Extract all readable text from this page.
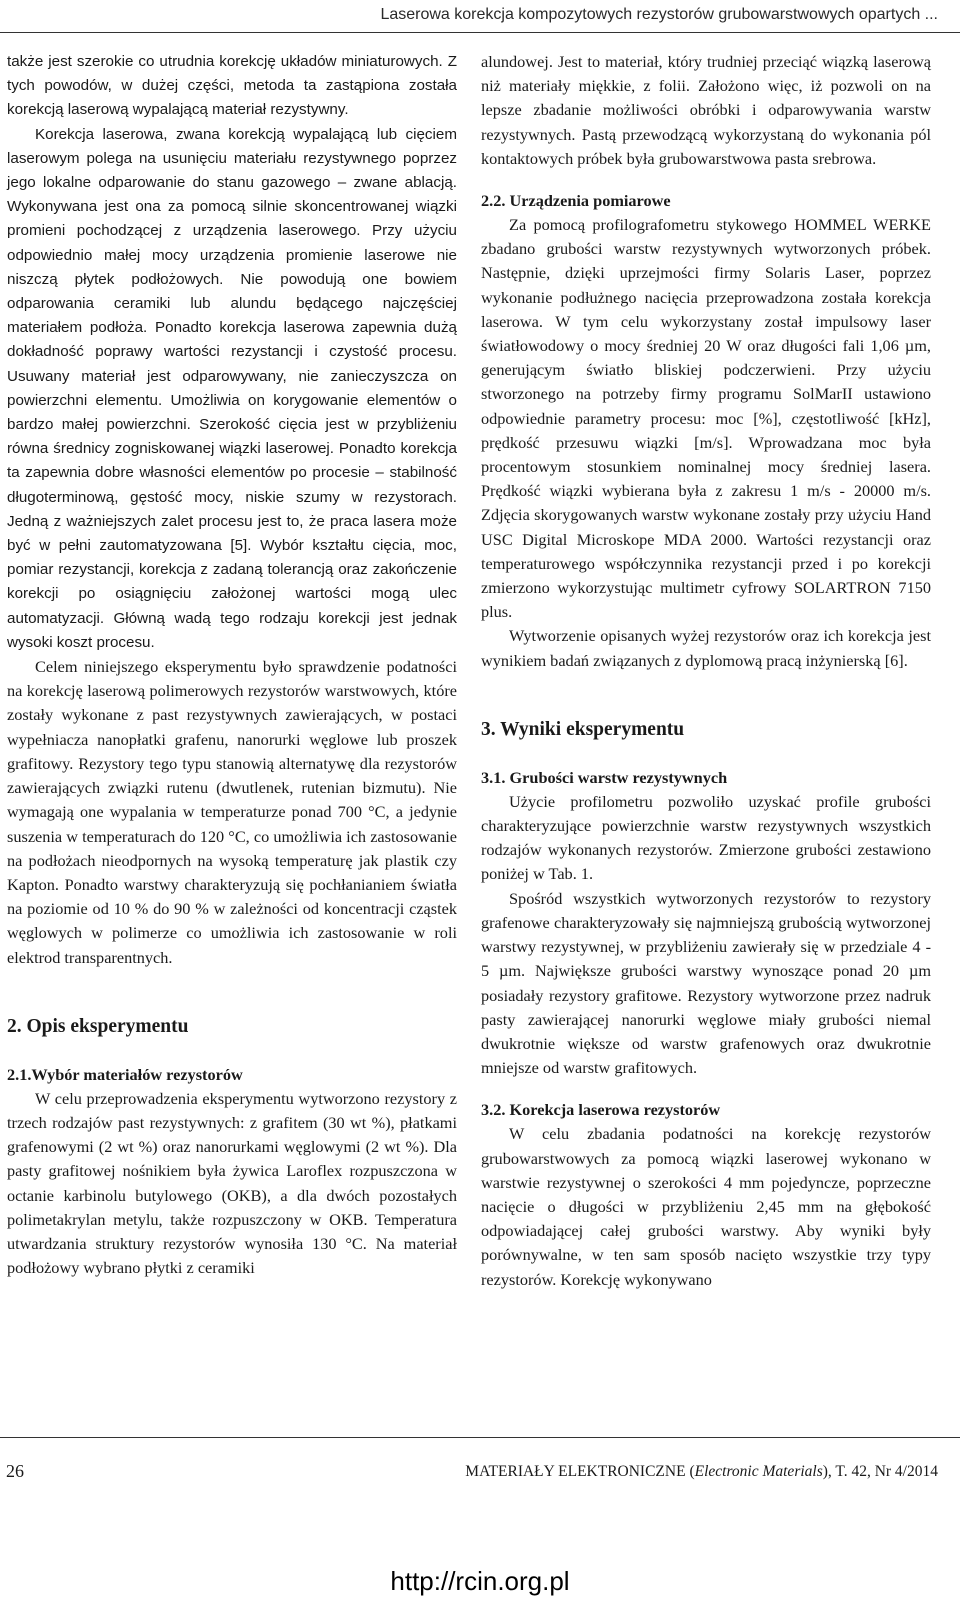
Laserowa korekcja kompozytowych rezystorów grubowarstwowych opartych ...

także jest szerokie co utrudnia korekcję układów miniaturowych. Z tych powodów, w dużej części, metoda ta zastąpiona została korekcją laserową wypalającą materiał rezystywny.

Korekcja laserowa, zwana korekcją wypalającą lub cięciem laserowym polega na usunięciu materiału rezystywnego poprzez jego lokalne odparowanie do stanu gazowego – zwane ablacją. Wykonywana jest ona za pomocą silnie skoncentrowanej wiązki promieni pochodzącej z urządzenia laserowego. Przy użyciu odpowiednio małej mocy urządzenia promienie laserowe nie niszczą płytek podłożowych. Nie powodują one bowiem odparowania ceramiki lub alundu będącego najczęściej materiałem podłoża. Ponadto korekcja laserowa zapewnia dużą dokładność poprawy wartości rezystancji i czystość procesu. Usuwany materiał jest odparowywany, nie zanieczyszcza on powierzchni elementu. Umożliwia on korygowanie elementów o bardzo małej powierzchni. Szerokość cięcia jest w przybliżeniu równa średnicy zogniskowanej wiązki laserowej. Ponadto korekcja ta zapewnia dobre własności elementów po procesie – stabilność długoterminową, gęstość mocy, niskie szumy w rezystorach. Jedną z ważniejszych zalet procesu jest to, że praca lasera może być w pełni zautomatyzowana [5]. Wybór kształtu cięcia, moc, pomiar rezystancji, korekcja z zadaną tolerancją oraz zakończenie korekcji po osiągnięciu założonej wartości mogą ulec automatyzacji. Główną wadą tego rodzaju korekcji jest jednak wysoki koszt procesu.

Celem niniejszego eksperymentu było sprawdzenie podatności na korekcję laserową polimerowych rezystorów warstwowych, które zostały wykonane z past rezystywnych zawierających, w postaci wypełniacza nanopłatki grafenu, nanorurki węglowe lub proszek grafitowy. Rezystory tego typu stanowią alternatywę dla rezystorów zawierających związki rutenu (dwutlenek, rutenian bizmutu). Nie wymagają one wypalania w temperaturze ponad 700 °C, a jedynie suszenia w temperaturach do 120 °C, co umożliwia ich zastosowanie na podłożach nieodpornych na wysoką temperaturę jak plastik czy Kapton. Ponadto warstwy charakteryzują się pochłanianiem światła na poziomie od 10 % do 90 % w zależności od koncentracji cząstek węglowych w polimerze co umożliwia ich zastosowanie w roli elektrod transparentnych.

2. Opis eksperymentu
2.1.Wybór materiałów rezystorów

W celu przeprowadzenia eksperymentu wytworzono rezystory z trzech rodzajów past rezystywnych: z grafitem (30 wt %), płatkami grafenowymi (2 wt %) oraz nanorurkami węglowymi (2 wt %). Dla pasty grafitowej nośnikiem była żywica Laroflex rozpuszczona w octanie karbinolu butylowego (OKB), a dla dwóch pozostałych polimetakrylan metylu, także rozpuszczony w OKB. Temperatura utwardzania struktury rezystorów wynosiła 130 °C. Na materiał podłożowy wybrano płytki z ceramiki

alundowej. Jest to materiał, który trudniej przeciąć wiązką laserową niż materiały miękkie, z folii. Założono więc, iż pozwoli on na lepsze zbadanie możliwości obróbki i odparowywania warstw rezystywnych. Pastą przewodzącą wykorzystaną do wykonania pól kontaktowych próbek była grubowarstwowa pasta srebrowa.

2.2. Urządzenia pomiarowe

Za pomocą profilografometru stykowego HOMMEL WERKE zbadano grubości warstw rezystywnych wytworzonych próbek. Następnie, dzięki uprzejmości firmy Solaris Laser, poprzez wykonanie podłużnego nacięcia przeprowadzona została korekcja laserowa. W tym celu wykorzystany został impulsowy laser światłowodowy o mocy średniej 20 W oraz długości fali 1,06 µm, generującym światło bliskiej podczerwieni. Przy użyciu stworzonego na potrzeby firmy programu SolMarII ustawiono odpowiednie parametry procesu: moc [%], częstotliwość [kHz], prędkość przesuwu wiązki [m/s]. Wprowadzana moc była procentowym stosunkiem nominalnej mocy średniej lasera. Prędkość wiązki wybierana była z zakresu 1 m/s - 20000 m/s. Zdjęcia skorygowanych warstw wykonane zostały przy użyciu Hand USC Digital Microskope MDA 2000. Wartości rezystancji oraz temperaturowego współczynnika rezystancji przed i po korekcji zmierzono wykorzystując multimetr cyfrowy SOLARTRON 7150 plus.

Wytworzenie opisanych wyżej rezystorów oraz ich korekcja jest wynikiem badań związanych z dyplomową pracą inżynierską [6].

3. Wyniki eksperymentu
3.1. Grubości warstw rezystywnych

Użycie profilometru pozwoliło uzyskać profile grubości charakteryzujące powierzchnie warstw rezystywnych wszystkich rodzajów wykonanych rezystorów. Zmierzone grubości zestawiono poniżej w Tab. 1.

Spośród wszystkich wytworzonych rezystorów to rezystory grafenowe charakteryzowały się najmniejszą grubością wytworzonej warstwy rezystywnej, w przybliżeniu zawierały się w przedziale 4 - 5 µm. Największe grubości warstwy wynoszące ponad 20 µm posiadały rezystory grafitowe. Rezystory wytworzone przez nadruk pasty zawierającej nanorurki węglowe miały grubości niemal dwukrotnie większe od warstw grafenowych oraz dwukrotnie mniejsze od warstw grafitowych.

3.2. Korekcja laserowa rezystorów

W celu zbadania podatności na korekcję rezystorów grubowarstwowych za pomocą wiązki laserowej wykonano w warstwie rezystywnej o szerokości 4 mm pojedyncze, poprzeczne nacięcie o długości w przybliżeniu 2,45 mm na głębokość odpowiadającej całej grubości warstwy. Aby wyniki były porównywalne, w ten sam sposób nacięto wszystkie trzy typy rezystorów. Korekcję wykonywano

26	MATERIAŁY ELEKTRONICZNE (Electronic Materials), T. 42, Nr 4/2014
http://rcin.org.pl
